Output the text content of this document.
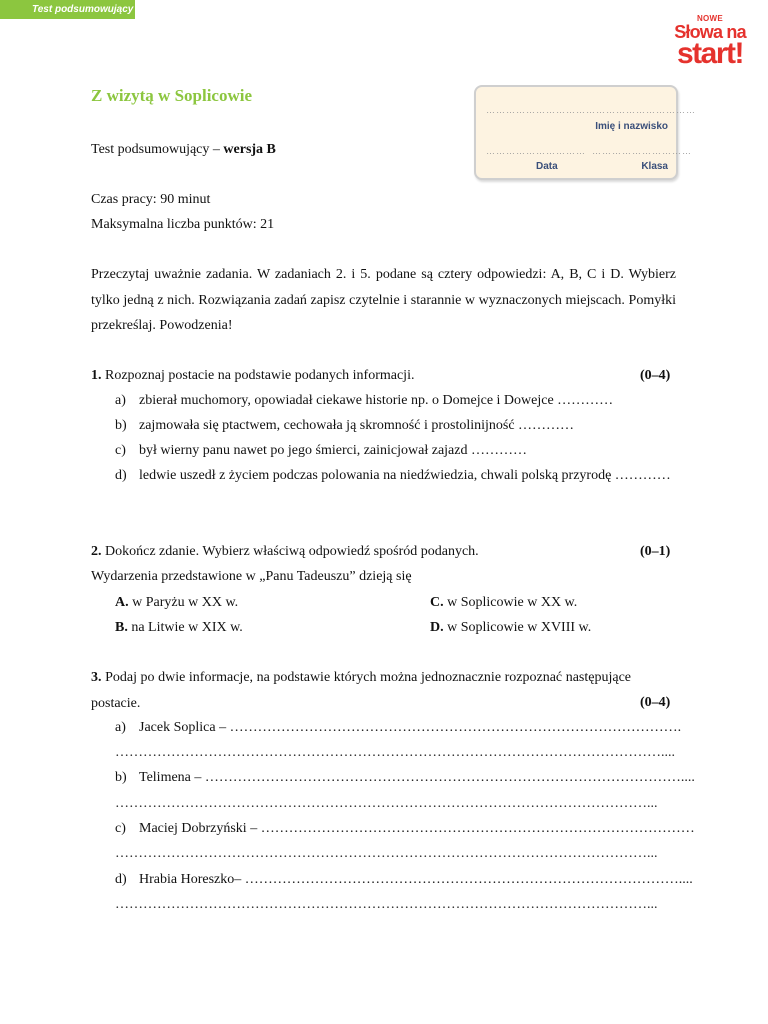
Test podsumowujący
NOWE
Słowa na
start!
Z wizytą w Soplicowie
………………………………………………………
Imię i nazwisko
………………………… …………………………
Data	Klasa
Test podsumowujący – wersja B
Czas pracy: 90 minut
Maksymalna liczba punktów: 21
Przeczytaj uważnie zadania. W zadaniach 2. i 5. podane są cztery odpowiedzi: A, B, C i D. Wybierz tylko jedną z nich. Rozwiązania zadań zapisz czytelnie i starannie w wyznaczonych miejscach. Pomyłki przekreślaj. Powodzenia!
1. Rozpoznaj postacie na podstawie podanych informacji.	(0–4)
a) zbierał muchomory, opowiadał ciekawe historie np. o Domejce i Dowejce …………
b) zajmowała się ptactwem, cechowała ją skromność i prostolinijność …………
c) był wierny panu nawet po jego śmierci, zainicjował zajazd …………
d) ledwie uszedł z życiem podczas polowania na niedźwiedzia, chwali polską przyrodę …………
2. Dokończ zdanie. Wybierz właściwą odpowiedź spośród podanych.	(0–1)
Wydarzenia przedstawione w „Panu Tadeuszu” dzieją się
A. w Paryżu w XX w.
B. na Litwie w XIX w.
C. w Soplicowie w XX w.
D. w Soplicowie w XVIII w.
3. Podaj po dwie informacje, na podstawie których można jednoznacznie rozpoznać następujące postacie.	(0–4)
a) Jacek Soplica – …………………………………………………………………………………….
………………………………………………………………………………………………………....
b) Telimena – …………………………………………………………………………………………....
……………………………………………………………………………………………………...
c) Maciej Dobrzyński – …………………………………………………………………………………
……………………………………………………………………………………………………...
d) Hrabia Horeszko– …………………………………………………………………………………....
……………………………………………………………………………………………………...
